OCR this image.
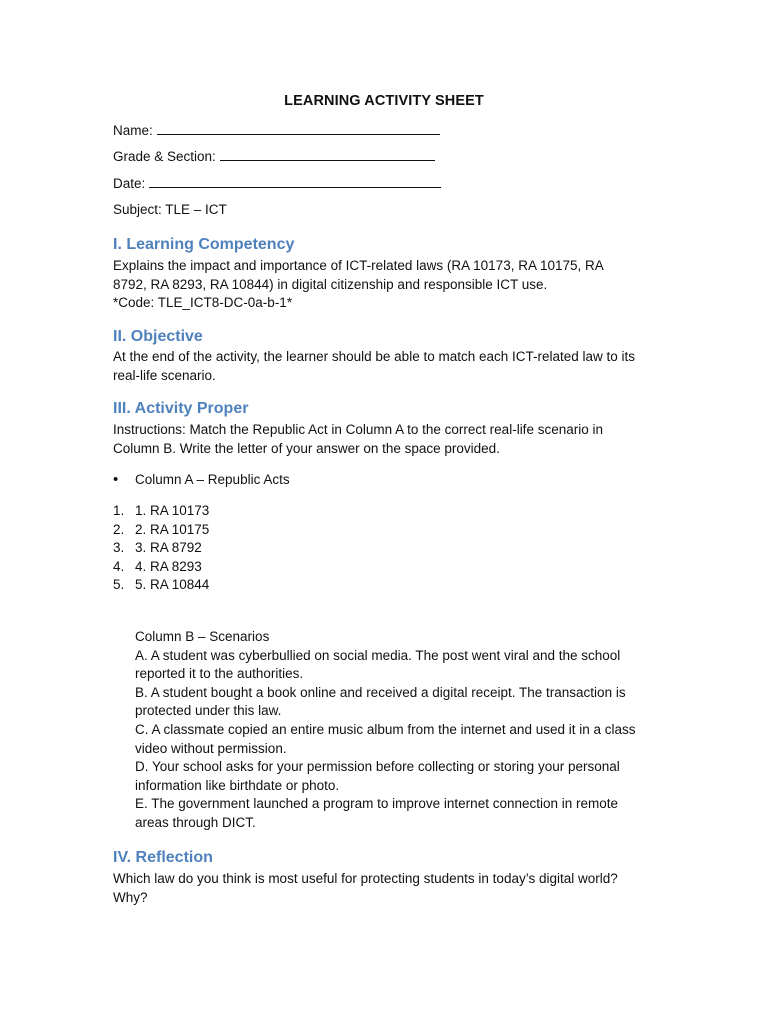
LEARNING ACTIVITY SHEET
Name:
Grade & Section:
Date:
Subject: TLE – ICT
I. Learning Competency
Explains the impact and importance of ICT-related laws (RA 10173, RA 10175, RA
8792, RA 8293, RA 10844) in digital citizenship and responsible ICT use.
*Code: TLE_ICT8-DC-0a-b-1*
II. Objective
At the end of the activity, the learner should be able to match each ICT-related law to its
real-life scenario.
III. Activity Proper
Instructions: Match the Republic Act in Column A to the correct real-life scenario in
Column B. Write the letter of your answer on the space provided.
• Column A – Republic Acts
1. 1. RA 10173
2. 2. RA 10175
3. 3. RA 8792
4. 4. RA 8293
5. 5. RA 10844
Column B – Scenarios
A. A student was cyberbullied on social media. The post went viral and the school
reported it to the authorities.
B. A student bought a book online and received a digital receipt. The transaction is
protected under this law.
C. A classmate copied an entire music album from the internet and used it in a class
video without permission.
D. Your school asks for your permission before collecting or storing your personal
information like birthdate or photo.
E. The government launched a program to improve internet connection in remote
areas through DICT.
IV. Reflection
Which law do you think is most useful for protecting students in today’s digital world?
Why?
